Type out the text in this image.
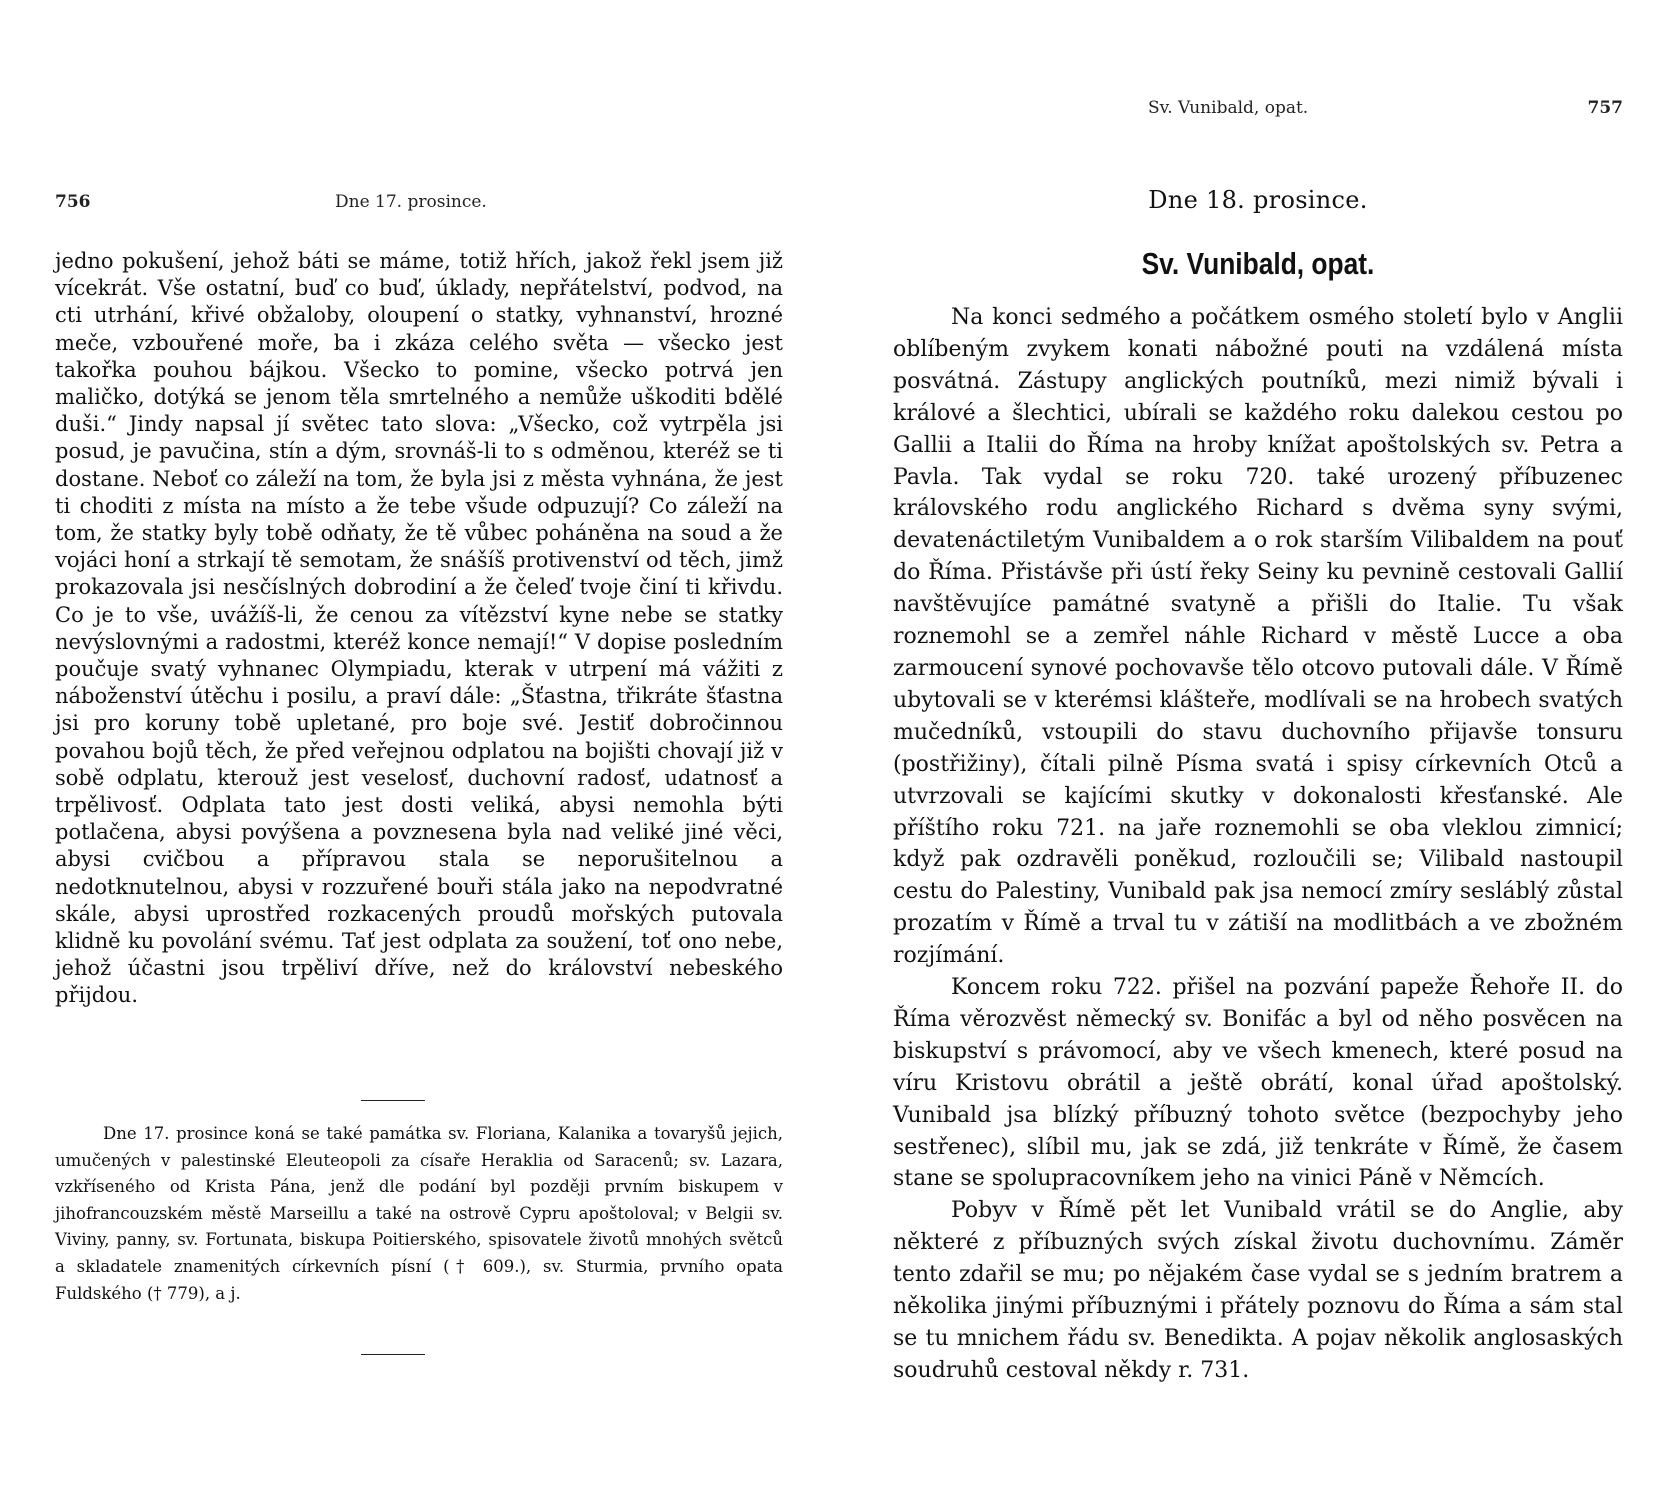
756	Dne 17. prosince.

jedno pokušení, jehož báti se máme, totiž hřích, jakož řekl jsem již vícekrát. Vše ostatní, buď co buď, úklady, nepřátelství, podvod, na cti utrhání, křivé obžaloby, oloupení o statky, vyhnanství, hrozné meče, vzbouřené moře, ba i zkáza celého světa — všecko jest takořka pouhou bájkou. Všecko to pomine, všecko potrvá jen maličko, dotýká se jenom těla smrtelného a nemůže uškoditi bdělé duši.“ Jindy napsal jí světec tato slova: „Všecko, což vytrpěla jsi posud, je pavučina, stín a dým, srovnáš-li to s odměnou, kteréž se ti dostane. Neboť co záleží na tom, že byla jsi z města vyhnána, že jest ti choditi z místa na místo a že tebe všude odpuzují? Co záleží na tom, že statky byly tobě odňaty, že tě vůbec poháněna na soud a že vojáci honí a strkají tě semotam, že snášíš protivenství od těch, jimž prokazovala jsi nesčíslných dobrodiní a že čeleď tvoje činí ti křivdu. Co je to vše, uvážíš-li, že cenou za vítězství kyne nebe se statky nevýslovnými a radostmi, kteréž konce nemají!“ V dopise posledním poučuje svatý vyhnanec Olympiadu, kterak v utrpení má vážiti z náboženství útěchu i posilu, a praví dále: „Šťastna, třikráte šťastna jsi pro koruny tobě upletané, pro boje své. Jestiť dobročinnou povahou bojů těch, že před veřejnou odplatou na bojišti chovají již v sobě odplatu, kterouž jest veselosť, duchovní radosť, udatnosť a trpělivosť. Odplata tato jest dosti veliká, abysi nemohla býti potlačena, abysi povýšena a povznesena byla nad veliké jiné věci, abysi cvičbou a přípravou stala se neporušitelnou a nedotknutelnou, abysi v rozzuřené bouři stála jako na nepodvratné skále, abysi uprostřed rozkacených proudů mořských putovala klidně ku povolání svému. Tať jest odplata za soužení, toť ono nebe, jehož účastni jsou trpěliví dříve, než do království nebeského přijdou.

Dne 17. prosince koná se také památka sv. Floriana, Kalanika a tovaryšů jejich, umučených v palestinské Eleuteopoli za císaře Heraklia od Saracenů; sv. Lazara, vzkříseného od Krista Pána, jenž dle podání byl později prvním biskupem v jihofrancouzském městě Marseillu a také na ostrově Cypru apoštoloval; v Belgii sv. Viviny, panny, sv. Fortunata, biskupa Poitierského, spisovatele životů mnohých světců a skladatele znamenitých církevních písní († 609.), sv. Sturmia, prvního opata Fuldského († 779), a j.
Sv. Vunibald, opat.	757
Dne 18. prosince.
Sv. Vunibald, opat.

Na konci sedmého a počátkem osmého století bylo v Anglii oblíbeným zvykem konati nábožné pouti na vzdálená místa posvátná. Zástupy anglických poutníků, mezi nimiž bývali i králové a šlechtici, ubírali se každého roku dalekou cestou po Gallii a Italii do Říma na hroby knížat apoštolských sv. Petra a Pavla. Tak vydal se roku 720. také urozený příbuzenec královského rodu anglického Richard s dvěma syny svými, devatenáctiletým Vunibaldem a o rok starším Vilibaldem na pouť do Říma. Přistávše při ústí řeky Seiny ku pevnině cestovali Gallií navštěvujíce památné svatyně a přišli do Italie. Tu však roznemohl se a zemřel náhle Richard v městě Lucce a oba zarmoucení synové pochovavše tělo otcovo putovali dále. V Římě ubytovali se v kterémsi klášteře, modlívali se na hrobech svatých mučedníků, vstoupili do stavu duchovního přijavše tonsuru (postřižiny), čítali pilně Písma svatá i spisy církevních Otců a utvrzovali se kajícími skutky v dokonalosti křesťanské. Ale příštího roku 721. na jaře roznemohli se oba vleklou zimnicí; když pak ozdravěli poněkud, rozloučili se; Vilibald nastoupil cestu do Palestiny, Vunibald pak jsa nemocí zmíry sesláblý zůstal prozatím v Římě a trval tu v zátiší na modlitbách a ve zbožném rozjímání.

Koncem roku 722. přišel na pozvání papeže Řehoře II. do Říma věrozvěst německý sv. Bonifác a byl od něho posvěcen na biskupství s právomocí, aby ve všech kmenech, které posud na víru Kristovu obrátil a ještě obrátí, konal úřad apoštolský. Vunibald jsa blízký příbuzný tohoto světce (bezpochyby jeho sestřenec), slíbil mu, jak se zdá, již tenkráte v Římě, že časem stane se spolupracovníkem jeho na vinici Páně v Němcích.

Pobyv v Římě pět let Vunibald vrátil se do Anglie, aby některé z příbuzných svých získal životu duchovnímu. Záměr tento zdařil se mu; po nějakém čase vydal se s jedním bratrem a několika jinými příbuznými i přátely poznovu do Říma a sám stal se tu mnichem řádu sv. Benedikta. A pojav několik anglosaských soudruhů cestoval někdy r. 731.
